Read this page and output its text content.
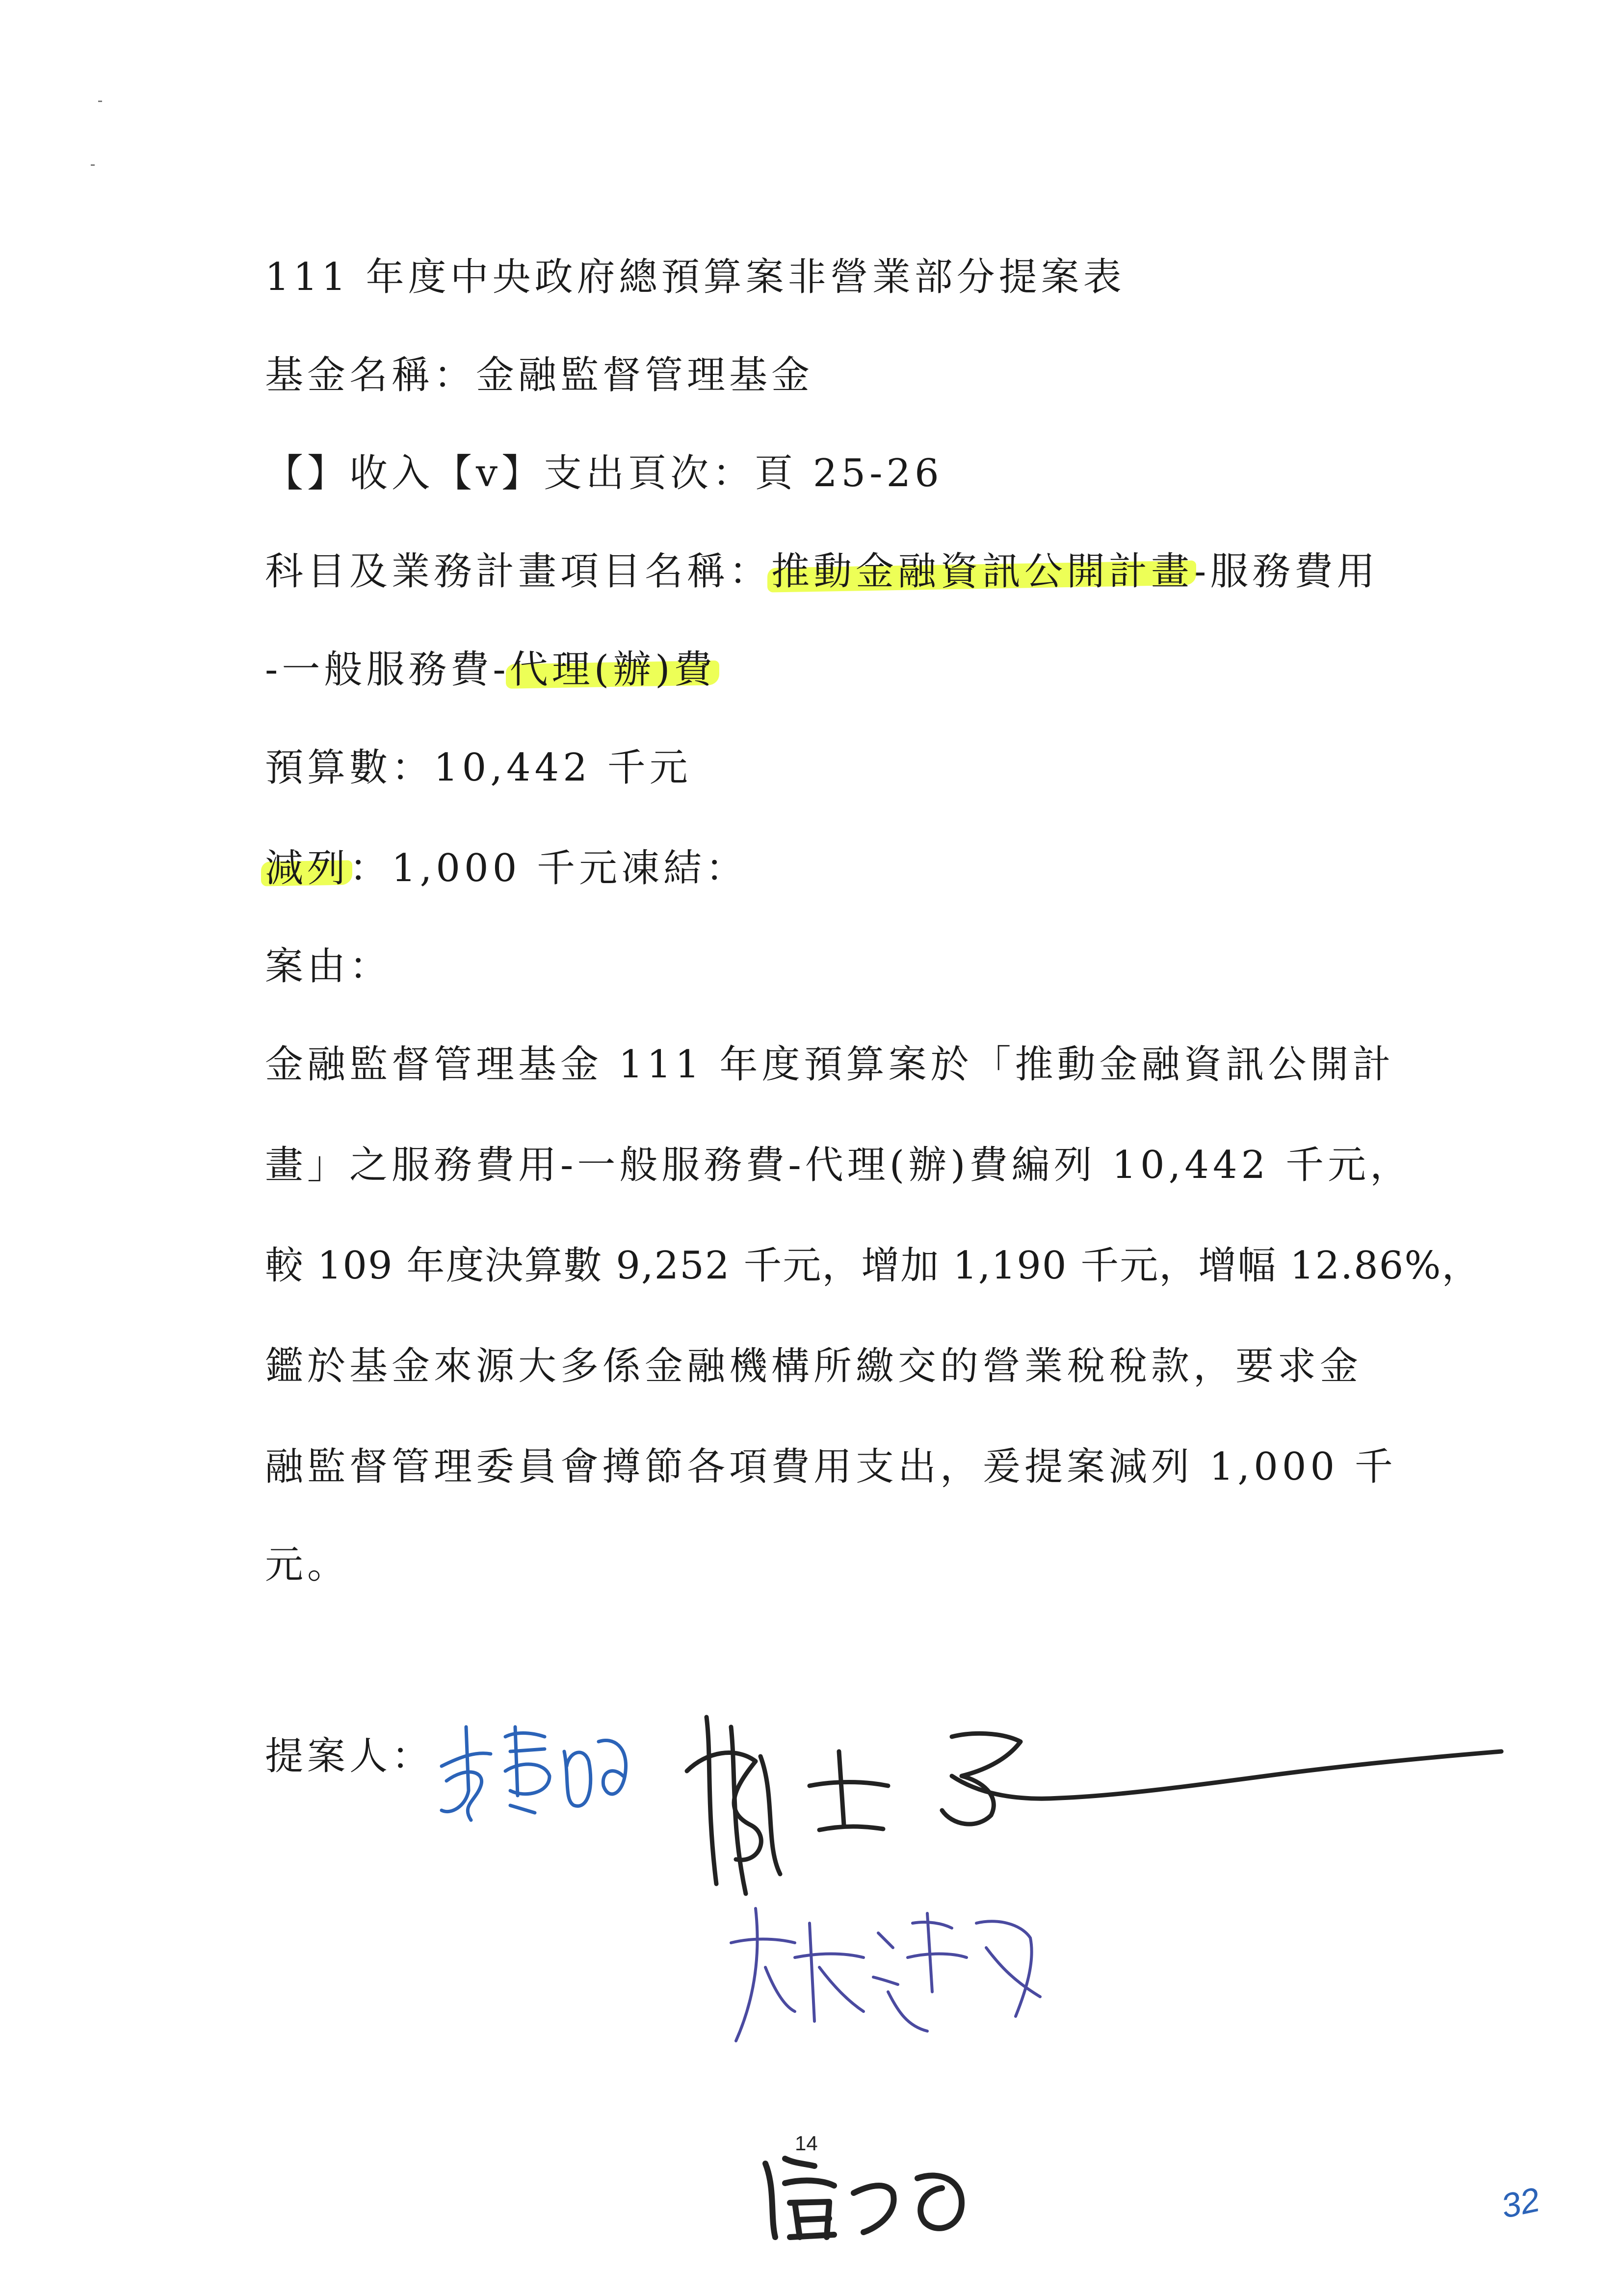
111 年度中央政府總預算案非營業部分提案表
基金名稱：金融監督管理基金
【】收入【v】支出頁次：頁 25-26
科目及業務計畫項目名稱：推動金融資訊公開計畫-服務費用
-一般服務費-代理(辦)費
預算數：10,442 千元
減列：1,000 千元凍結：
案由：
金融監督管理基金 111 年度預算案於「推動金融資訊公開計
畫」之服務費用-一般服務費-代理(辦)費編列 10,442 千元，
較 109 年度決算數 9,252 千元，增加 1,190 千元，增幅 12.86%，
鑑於基金來源大多係金融機構所繳交的營業稅稅款，要求金
融監督管理委員會撙節各項費用支出，爰提案減列 1,000 千
元。
提案人：
14
32
